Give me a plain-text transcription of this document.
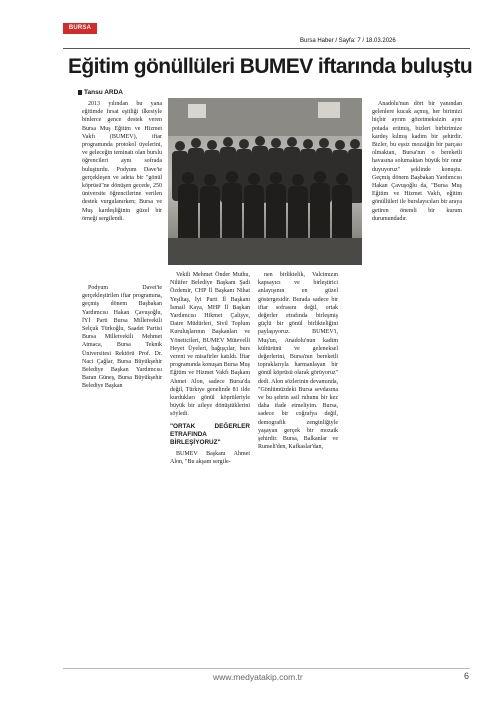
BURSA HABER	Bursa Haber / Sayfa: 7 / 18.03.2026
Eğitim gönüllüleri BUMEV iftarında buluştu
Tansu ARDA

2013 yılından bu yana eğitimde fırsat eşitliği ilkesiyle binlerce gence destek veren Bursa Muş Eğitim ve Hizmet Vakfı (BUMEV), iftar programında protokol üyelerini, ve geleceğin teminatı olan burslu öğrencileri aynı sofrada buluşturdu. Podyum Dave'te gerçekleşen ve adeta bir "gönül köprüsü"ne dönüşen gecede, 250 üniversite öğrencilerine verilen destek vurgulanırken; Bursa ve Muş kardeşliğinin güzel bir örneği sergilendi.

Podyum Davet'te gerçekleştirilen iftar programına, geçmiş dönem Başbakan Yardımcısı Hakan Çavuşoğlu, İYİ Parti Bursa Milletvekili Selçuk Türkoğlu, Saadet Partisi Bursa Milletvekili Mehmet Atmaca, Bursa Teknik Üniversitesi Rektörü Prof. Dr. Naci Çağlar, Bursa Büyükşehir Belediye Başkan Yardımcısı Baran Güneş, Bursa Büyükşehir Belediye Başkan

Vekili Mehmet Önder Muthu, Nilüfer Belediye Başkanı Şadi Özdemir, CHP İl Başkanı Nihat Yeşiltaş, İyi Parti İl Başkanı İsmail Kaya, MHP İl Başkan Yardımcısı Hikmet Çalişye, Daire Müdürleri, Sivil Toplum Kuruluşlarının Başkanları ve Yöneticileri, BUMEV Mütevelli Heyet Üyeleri, bağışçılar, burs vereni ve misafirler katıldı. İftar programında konuşan Bursa Muş Eğitim ve Hizmet Vakfı Başkanı Ahmet Alon, sadece Bursa'da değil, Türkiye genelinde 81 ilde kurdukları gönül köprüleriyle büyük bir aileye dönüştüklerini söyledi.

"ORTAK DEĞERLER ETRAFINDA BİRLEŞİYORUZ"

BUMEV Başkanı Ahmet Alon, "Bu akşam sergile-

nen birliktelik, Valcimızın kapsayıcı ve birleştirici anlayışının en güzel göstergesidir. Burada sadece bir iftar sofrasını değil, ortak değerler etrafında birleşmiş güçlü bir gönül birlikteliğini paylaşıyoruz. BUMEV'i, Muş'un, Anadolu'nun kadim kültürünü ve geleneksel değerlerini, Bursa'nın bereketli topraklarıyla harmanlayan bir gönül köprüsü olarak görüyoruz" dedi. Alon sözlerinin devamında, "Gönlümüzdeki Bursa sevdasına ve bu şehrin asil ruhunu bir kez daha ifade etmeliyim. Bursa, sadece bir coğrafya değil, demografik zenginliğiyle yaşayan gerçek bir mozaik şehirdir. Bursa, Balkanlar ve Rumeli'den, Kafkaslar'dan,

Anadolu'nun dört bir yanından gelenlere kucak açmış, her birimizi hiçbir ayrım gözetmeksizin aynı potada eritmiş, bizleri birbirimize kardeş kılmış kadim bir şehirdir. Bizler, bu eşsiz mozaiğin bir parçası olmaktan, Bursa'nın o bereketli havasına solumaktan büyük bir onur duyuyoruz" şeklinde konuştu. Geçmiş dönem Başbakan Yardımcısı Hakan Çavuşoğlu da, "Bursa Muş Eğitim ve Hizmet Vakfı, eğitim gönüllüleri ile burslayıcıları bir araya getiren önemli bir kurum durumundadır.

www.medyatakip.com.tr	6
